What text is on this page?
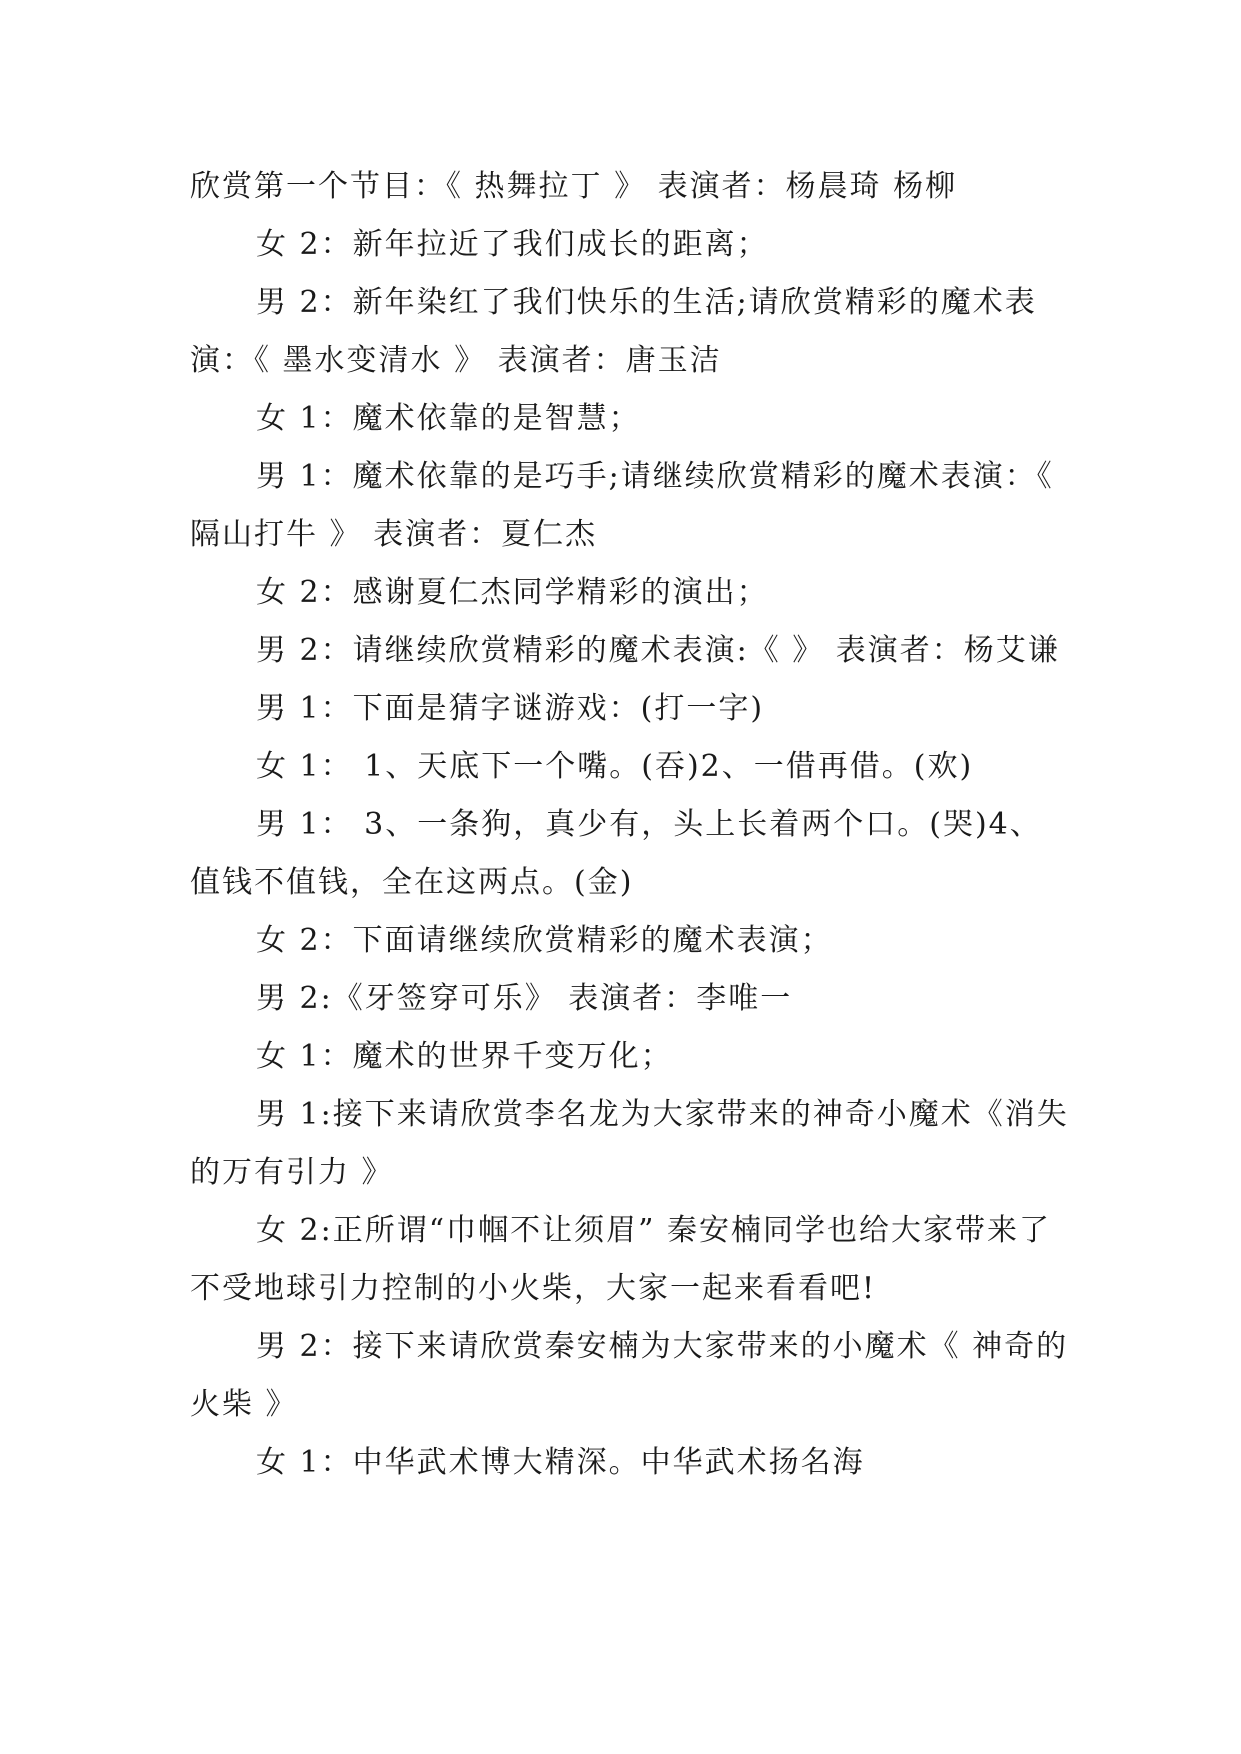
欣赏第一个节目：《 热舞拉丁 》 表演者：杨晨琦 杨柳

女 2：新年拉近了我们成长的距离；

男 2：新年染红了我们快乐的生活;请欣赏精彩的魔术表演：《 墨水变清水 》 表演者：唐玉洁

女 1：魔术依靠的是智慧；

男 1：魔术依靠的是巧手;请继续欣赏精彩的魔术表演：《 隔山打牛 》 表演者：夏仁杰

女 2：感谢夏仁杰同学精彩的演出；

男 2：请继续欣赏精彩的魔术表演:《 》 表演者：杨艾谦

男 1：下面是猜字谜游戏：(打一字)

女 1： 1、天底下一个嘴。(吞)2、一借再借。(欢)

男 1： 3、一条狗，真少有，头上长着两个口。(哭)4、值钱不值钱，全在这两点。(金)

女 2：下面请继续欣赏精彩的魔术表演；

男 2:《牙签穿可乐》 表演者：李唯一

女 1：魔术的世界千变万化；

男 1:接下来请欣赏李名龙为大家带来的神奇小魔术《消失的万有引力 》

女 2:正所谓“巾帼不让须眉” 秦安楠同学也给大家带来了不受地球引力控制的小火柴，大家一起来看看吧!

男 2：接下来请欣赏秦安楠为大家带来的小魔术《 神奇的火柴 》

女 1：中华武术博大精深。中华武术扬名海
